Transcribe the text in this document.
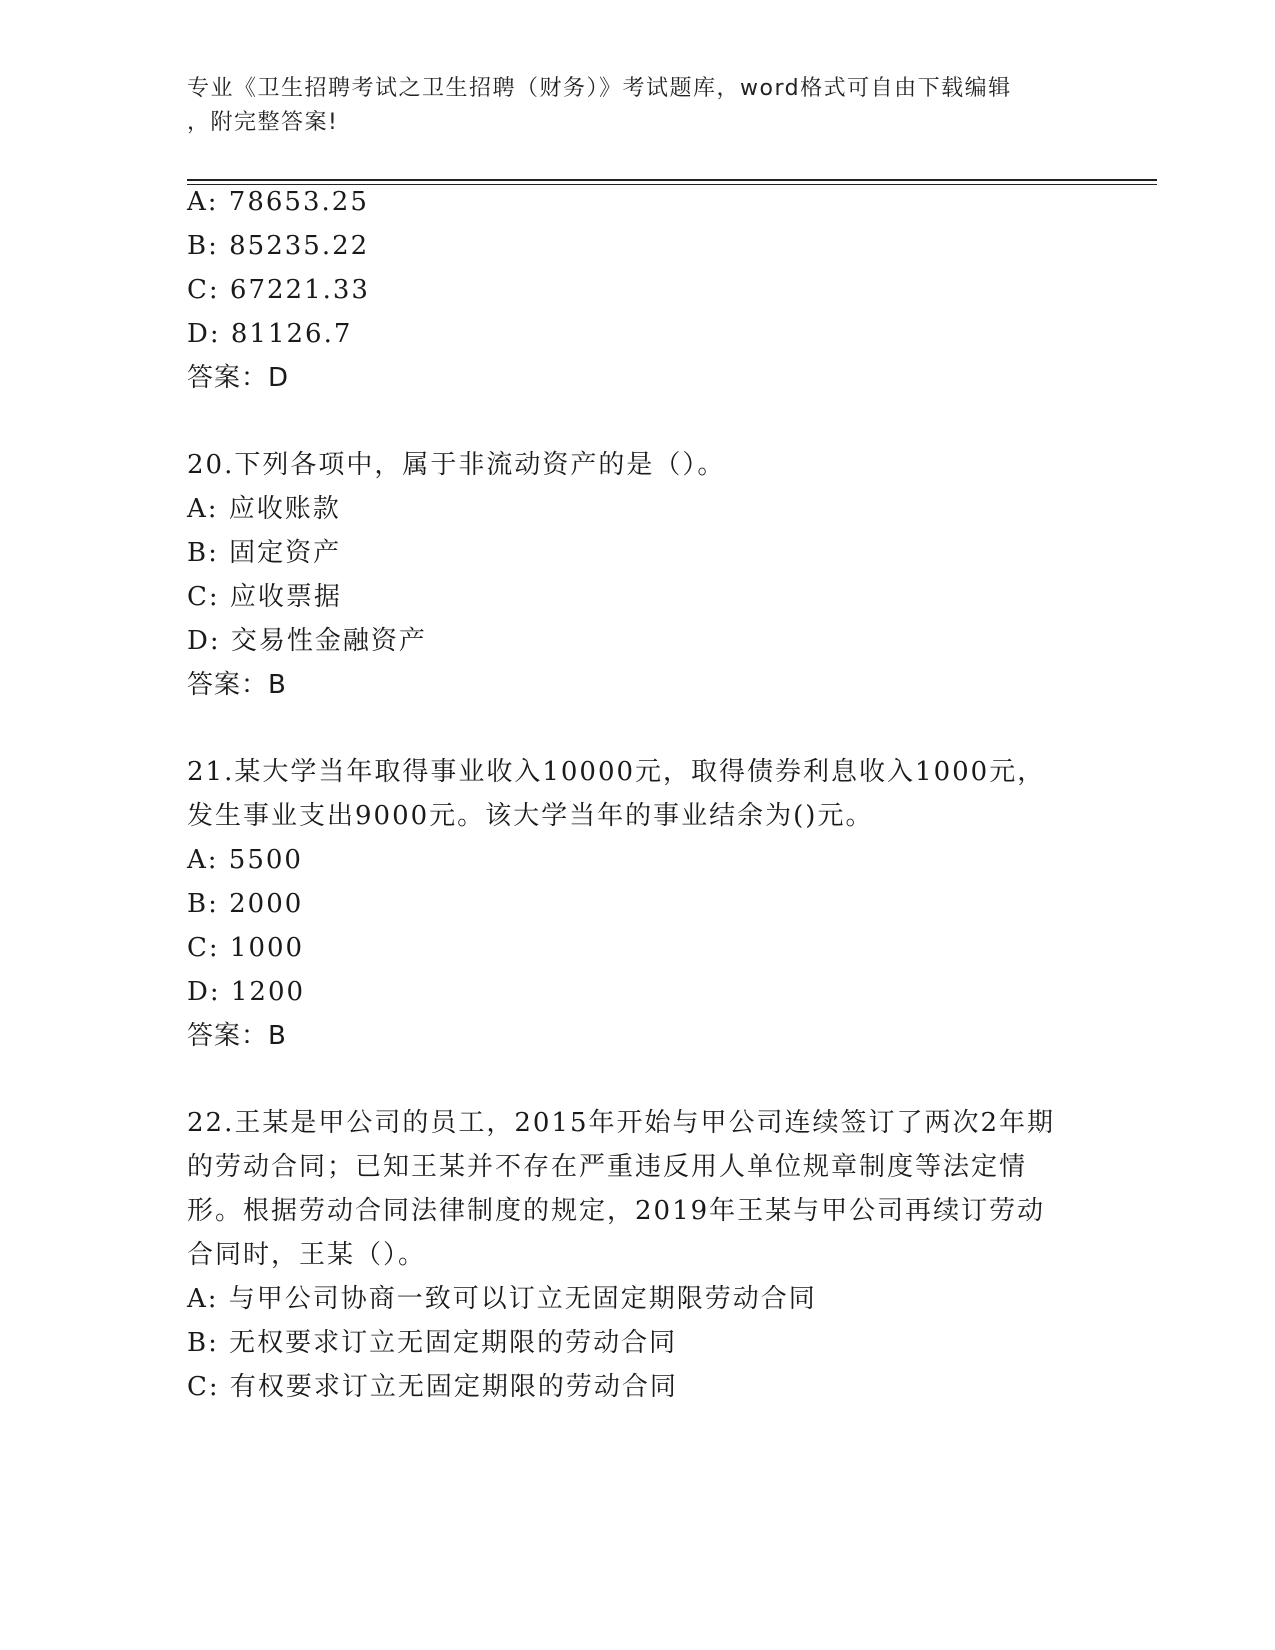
专业《卫生招聘考试之卫生招聘（财务）》考试题库，word格式可自由下载编辑
，附完整答案!
A: 78653.25
B: 85235.22
C: 67221.33
D: 81126.7
答案：D
20.下列各项中，属于非流动资产的是（）。
A: 应收账款
B: 固定资产
C: 应收票据
D: 交易性金融资产
答案：B
21.某大学当年取得事业收入10000元，取得债券利息收入1000元，
发生事业支出9000元。该大学当年的事业结余为()元。
A: 5500
B: 2000
C: 1000
D: 1200
答案：B
22.王某是甲公司的员工，2015年开始与甲公司连续签订了两次2年期
的劳动合同；已知王某并不存在严重违反用人单位规章制度等法定情
形。根据劳动合同法律制度的规定，2019年王某与甲公司再续订劳动
合同时，王某（）。
A: 与甲公司协商一致可以订立无固定期限劳动合同
B: 无权要求订立无固定期限的劳动合同
C: 有权要求订立无固定期限的劳动合同
